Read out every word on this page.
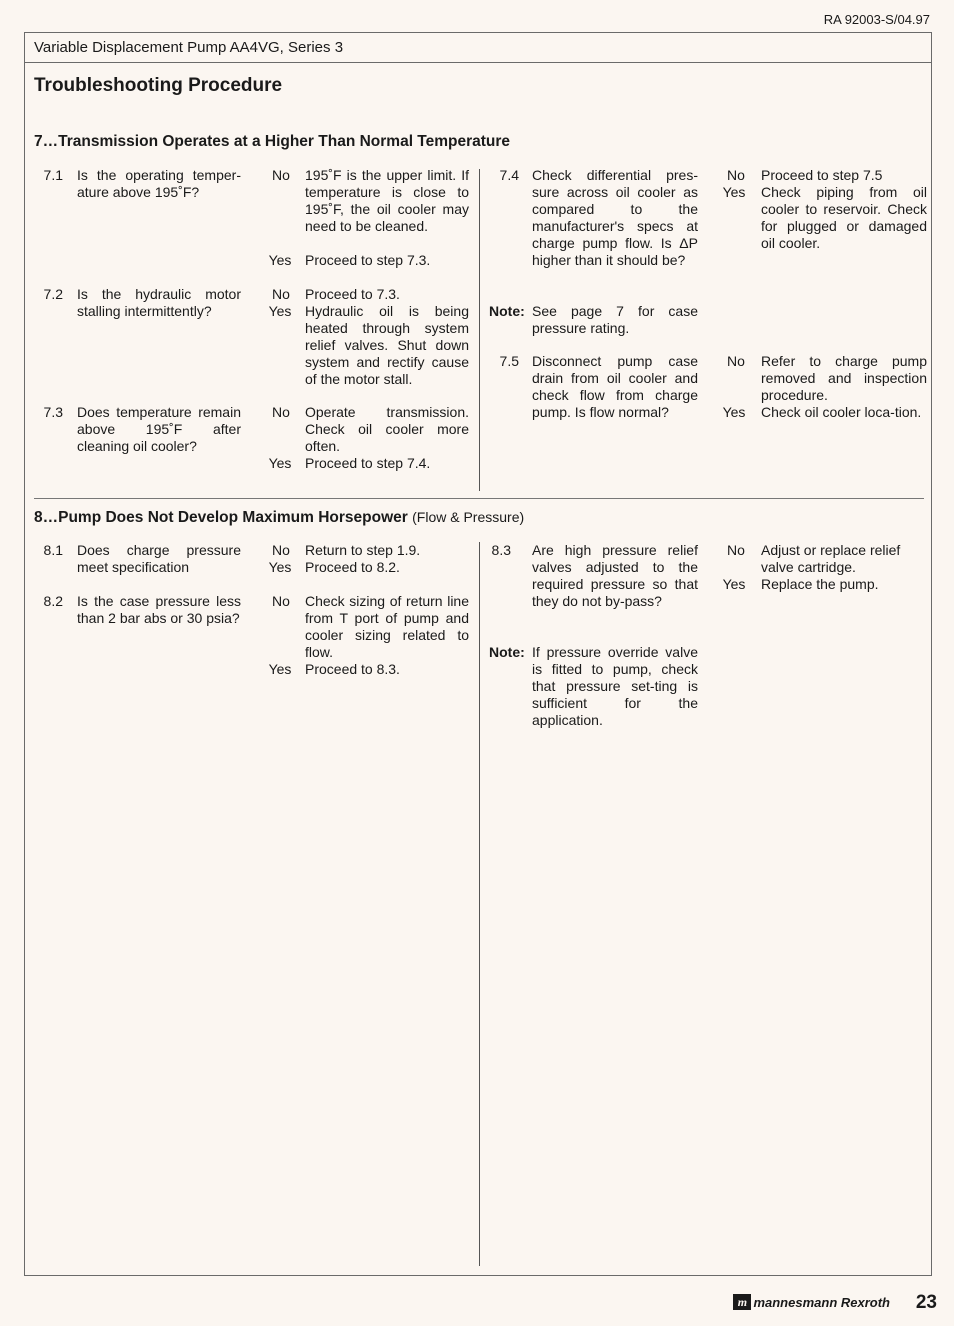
RA 92003-S/04.97
Variable Displacement Pump AA4VG, Series 3
Troubleshooting Procedure
7…Transmission Operates at a Higher Than Normal Temperature
7.1 Is the operating temper-ature above 195˚F?
No 195˚F is the upper limit. If temperature is close to 195˚F, the oil cooler may need to be cleaned.
Yes Proceed to step 7.3.
7.2 Is the hydraulic motor stalling intermittently?
No Proceed to 7.3.
Yes Hydraulic oil is being heated through system relief valves. Shut down system and rectify cause of the motor stall.
7.3 Does temperature remain above 195˚F after cleaning oil cooler?
No Operate transmission. Check oil cooler more often.
Yes Proceed to step 7.4.
7.4 Check differential pres-sure across oil cooler as compared to the manufacturer's specs at charge pump flow. Is ΔP higher than it should be?
No Proceed to step 7.5
Yes Check piping from oil cooler to reservoir. Check for plugged or damaged oil cooler.
Note: See page 7 for case pressure rating.
7.5 Disconnect pump case drain from oil cooler and check flow from charge pump. Is flow normal?
No Refer to charge pump removed and inspection procedure.
Yes Check oil cooler loca-tion.
8…Pump Does Not Develop Maximum Horsepower (Flow & Pressure)
8.1 Does charge pressure meet specification
No Return to step 1.9.
Yes Proceed to 8.2.
8.2 Is the case pressure less than 2 bar abs or 30 psia?
No Check sizing of return line from T port of pump and cooler sizing related to flow.
Yes Proceed to 8.3.
8.3 Are high pressure relief valves adjusted to the required pressure so that they do not by-pass?
No Adjust or replace relief valve cartridge.
Yes Replace the pump.
Note: If pressure override valve is fitted to pump, check that pressure set-ting is sufficient for the application.
m mannesmann Rexroth 23
